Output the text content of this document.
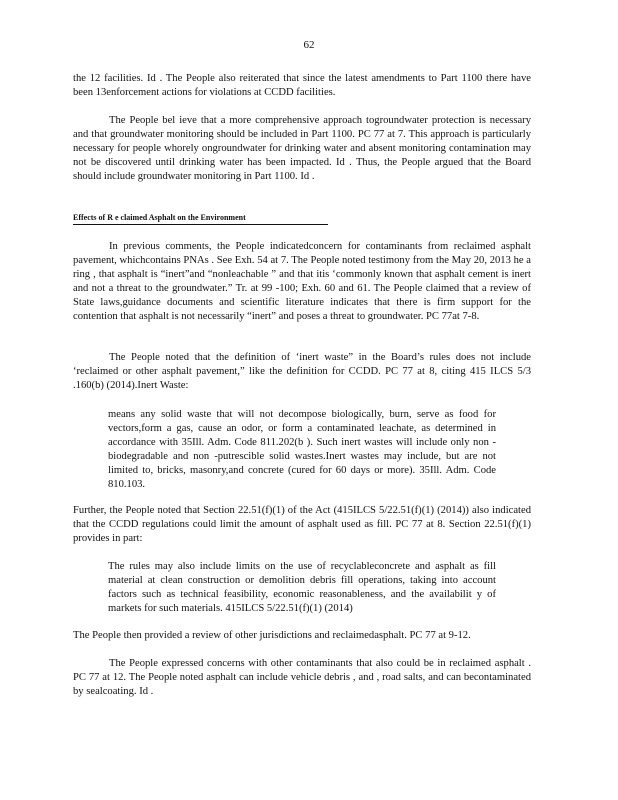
62

the 12 facilities. Id . The People also reiterated that since the latest amendments to Part 1100 there have been 13enforcement actions for violations at CCDD facilities.

The People bel ieve that a more comprehensive approach togroundwater protection is necessary and that groundwater monitoring should be included in Part 1100. PC 77 at 7. This approach is particularly necessary for people whorely ongroundwater for drinking water and absent monitoring contamination may not be discovered until drinking water has been impacted. Id . Thus, the People argued that the Board should include groundwater monitoring in Part 1100. Id .

Effects of R e claimed Asphalt on the Environment

In previous comments, the People indicatedconcern for contaminants from reclaimed asphalt pavement, whichcontains PNAs . See Exh. 54 at 7. The People noted testimony from the May 20, 2013 he a ring , that asphalt is “inert”and “nonleachable ” and that itis ‘commonly known that asphalt cement is inert and not a threat to the groundwater.” Tr. at 99 -100; Exh. 60 and 61. The People claimed that a review of State laws,guidance documents and scientific literature indicates that there is firm support for the contention that asphalt is not necessarily “inert” and poses a threat to groundwater. PC 77at 7-8.

The People noted that the definition of ‘inert waste” in the Board’s rules does not include ‘reclaimed or other asphalt pavement,” like the definition for CCDD. PC 77 at 8, citing 415 ILCS 5/3 .160(b) (2014).Inert Waste:

means any solid waste that will not decompose biologically, burn, serve as food for vectors,form a gas, cause an odor, or form a contaminated leachate, as determined in accordance with 35Ill. Adm. Code 811.202(b ). Such inert wastes will include only non -biodegradable and non -putrescible solid wastes.Inert wastes may include, but are not limited to, bricks, masonry,and concrete (cured for 60 days or more). 35Ill. Adm. Code 810.103.

Further, the People noted that Section 22.51(f)(1) of the Act (415ILCS 5/22.51(f)(1) (2014)) also indicated that the CCDD regulations could limit the amount of asphalt used as fill. PC 77 at 8. Section 22.51(f)(1) provides in part:

The rules may also include limits on the use of recyclableconcrete and asphalt as fill material at clean construction or demolition debris fill operations, taking into account factors such as technical feasibility, economic reasonableness, and the availabilit y of markets for such materials. 415ILCS 5/22.51(f)(1) (2014)

The People then provided a review of other jurisdictions and reclaimedasphalt. PC 77 at 9-12.

The People expressed concerns with other contaminants that also could be in reclaimed asphalt . PC 77 at 12. The People noted asphalt can include vehicle debris , and , road salts, and can becontaminated by sealcoating. Id .
